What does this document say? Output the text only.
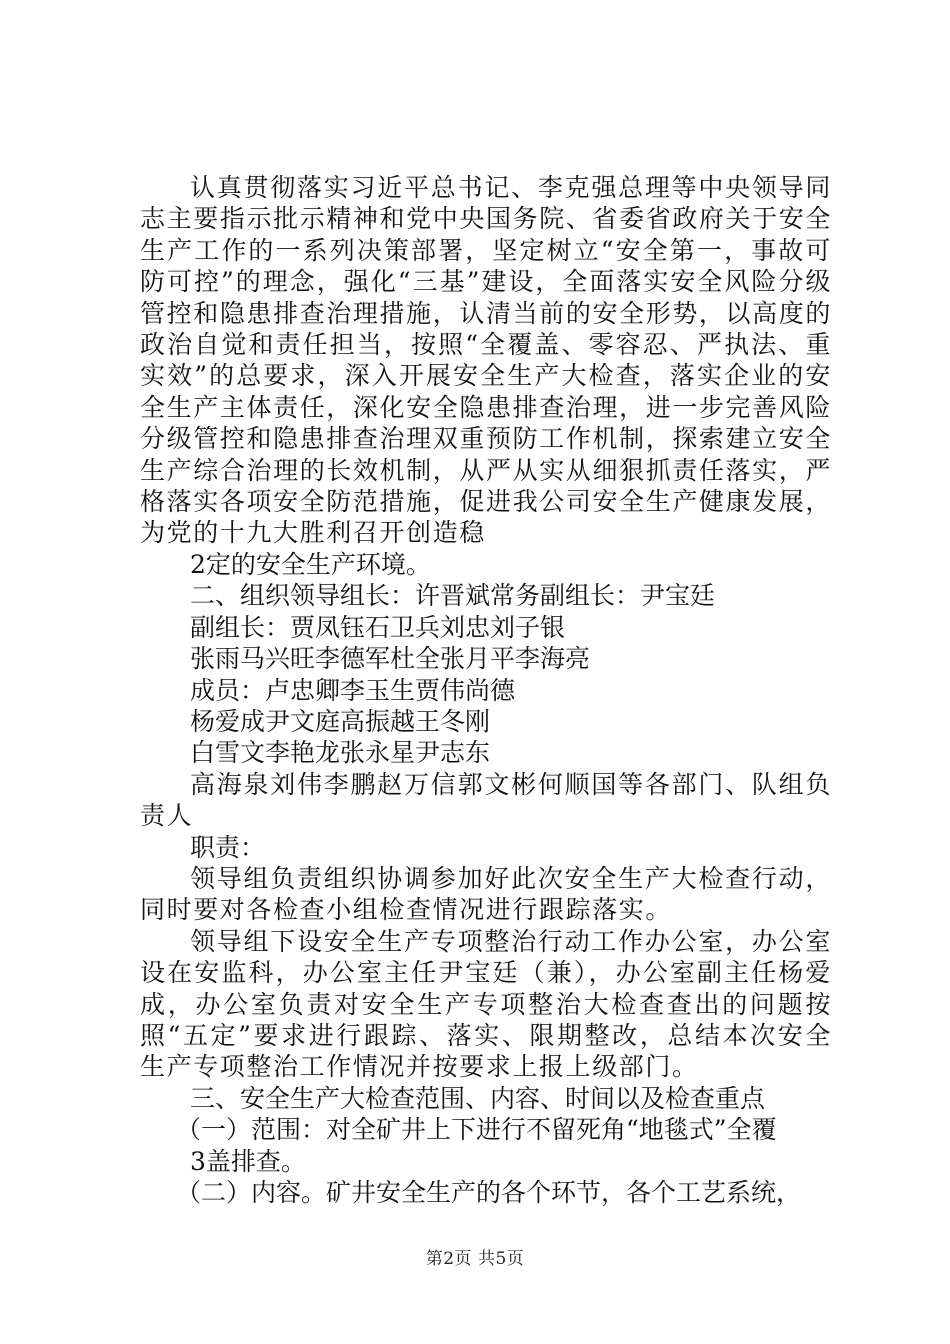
认真贯彻落实习近平总书记、李克强总理等中央领导同志主要指示批示精神和党中央国务院、省委省政府关于安全生产工作的一系列决策部署，坚定树立“安全第一，事故可防可控”的理念，强化“三基”建设，全面落实安全风险分级管控和隐患排查治理措施，认清当前的安全形势，以高度的政治自觉和责任担当，按照“全覆盖、零容忍、严执法、重实效”的总要求，深入开展安全生产大检查，落实企业的安全生产主体责任，深化安全隐患排查治理，进一步完善风险分级管控和隐患排查治理双重预防工作机制，探索建立安全生产综合治理的长效机制，从严从实从细狠抓责任落实，严格落实各项安全防范措施，促进我公司安全生产健康发展，为党的十九大胜利召开创造稳

2定的安全生产环境。

二、组织领导组长：许晋斌常务副组长：尹宝廷

副组长：贾凤钰石卫兵刘忠刘子银

张雨马兴旺李德军杜全张月平李海亮

成员：卢忠卿李玉生贾伟尚德

杨爱成尹文庭高振越王冬刚

白雪文李艳龙张永星尹志东

高海泉刘伟李鹏赵万信郭文彬何顺国等各部门、队组负责人

职责：

领导组负责组织协调参加好此次安全生产大检查行动，同时要对各检查小组检查情况进行跟踪落实。

领导组下设安全生产专项整治行动工作办公室，办公室设在安监科，办公室主任尹宝廷（兼），办公室副主任杨爱成，办公室负责对安全生产专项整治大检查查出的问题按照“五定”要求进行跟踪、落实、限期整改，总结本次安全生产专项整治工作情况并按要求上报上级部门。

三、安全生产大检查范围、内容、时间以及检查重点

（一）范围：对全矿井上下进行不留死角“地毯式”全覆

3盖排查。

（二）内容。矿井安全生产的各个环节，各个工艺系统，

第2页 共5页
